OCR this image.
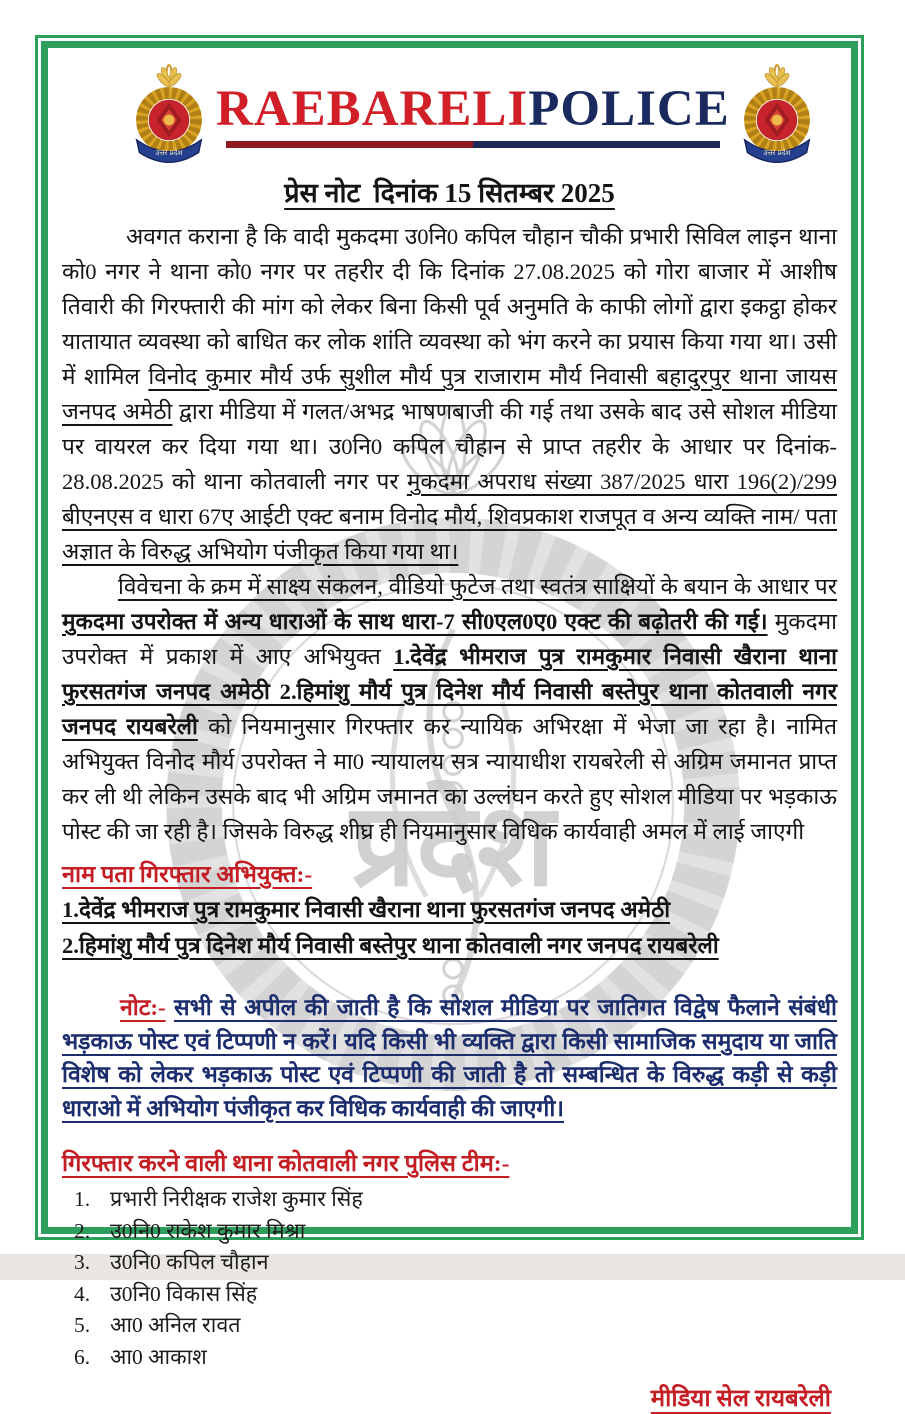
प्रदेश
RAEBARELIPOLICE
प्रेस नोट  दिनांक 15 सितम्बर 2025

अवगत कराना है कि वादी मुकदमा उ0नि0 कपिल चौहान चौकी प्रभारी सिविल लाइन थाना को0 नगर ने थाना को0 नगर पर तहरीर दी कि दिनांक 27.08.2025 को गोरा बाजार में आशीष तिवारी की गिरफ्तारी की मांग को लेकर बिना किसी पूर्व अनुमति के काफी लोगों द्वारा इकट्ठा होकर यातायात व्यवस्था को बाधित कर लोक शांति व्यवस्था को भंग करने का प्रयास किया गया था। उसी में शामिल विनोद कुमार मौर्य उर्फ सुशील मौर्य पुत्र राजाराम मौर्य निवासी बहादुरपुर थाना जायस जनपद अमेठी द्वारा मीडिया में गलत/अभद्र भाषणबाजी की गई तथा उसके बाद उसे सोशल मीडिया पर वायरल कर दिया गया था। उ0नि0 कपिल चौहान से प्राप्त तहरीर के आधार पर दिनांक- 28.08.2025 को थाना कोतवाली नगर पर मुकदमा अपराध संख्या 387/2025 धारा 196(2)/299 बीएनएस व धारा 67ए आईटी एक्ट बनाम विनोद मौर्य, शिवप्रकाश राजपूत व अन्य व्यक्ति नाम/ पता अज्ञात के विरुद्ध अभियोग पंजीकृत किया गया था।

विवेचना के क्रम में साक्ष्य संकलन, वीडियो फुटेज तथा स्वतंत्र साक्षियों के बयान के आधार पर मुकदमा उपरोक्त में अन्य धाराओं के साथ धारा-7 सी0एल0ए0 एक्ट की बढ़ोतरी की गई। मुकदमा उपरोक्त में प्रकाश में आए अभियुक्त 1.देवेंद्र भीमराज पुत्र रामकुमार निवासी खैराना थाना फुरसतगंज जनपद अमेठी 2.हिमांशु मौर्य पुत्र दिनेश मौर्य निवासी बस्तेपुर थाना कोतवाली नगर जनपद रायबरेली को नियमानुसार गिरफ्तार कर न्यायिक अभिरक्षा में भेजा जा रहा है। नामित अभियुक्त विनोद मौर्य उपरोक्त ने मा0 न्यायालय सत्र न्यायाधीश रायबरेली से अग्रिम जमानत प्राप्त कर ली थी लेकिन उसके बाद भी अग्रिम जमानत का उल्लंघन करते हुए सोशल मीडिया पर भड़काऊ पोस्ट की जा रही है। जिसके विरुद्ध शीघ्र ही नियमानुसार विधिक कार्यवाही अमल में लाई जाएगी

नाम पता गिरफ्तार अभियुक्त:-
1.देवेंद्र भीमराज पुत्र रामकुमार निवासी खैराना थाना फुरसतगंज जनपद अमेठी
2.हिमांशु मौर्य पुत्र दिनेश मौर्य निवासी बस्तेपुर थाना कोतवाली नगर जनपद रायबरेली

नोट:- सभी से अपील की जाती है कि सोशल मीडिया पर जातिगत विद्वेष फैलाने संबंधी भड़काऊ पोस्ट एवं टिप्पणी न करें। यदि किसी भी व्यक्ति द्वारा किसी सामाजिक समुदाय या जाति विशेष को लेकर भड़काऊ पोस्ट एवं टिप्पणी की जाती है तो सम्बन्धित के विरुद्ध कड़ी से कड़ी धाराओ में अभियोग पंजीकृत कर विधिक कार्यवाही की जाएगी।

गिरफ्तार करने वाली थाना कोतवाली नगर पुलिस टीम:-
प्रभारी निरीक्षक राजेश कुमार सिंह
उ0नि0 राकेश कुमार मिश्रा
उ0नि0 कपिल चौहान
उ0नि0 विकास सिंह
आ0 अनिल रावत
आ0 आकाश
मीडिया सेल रायबरेली
